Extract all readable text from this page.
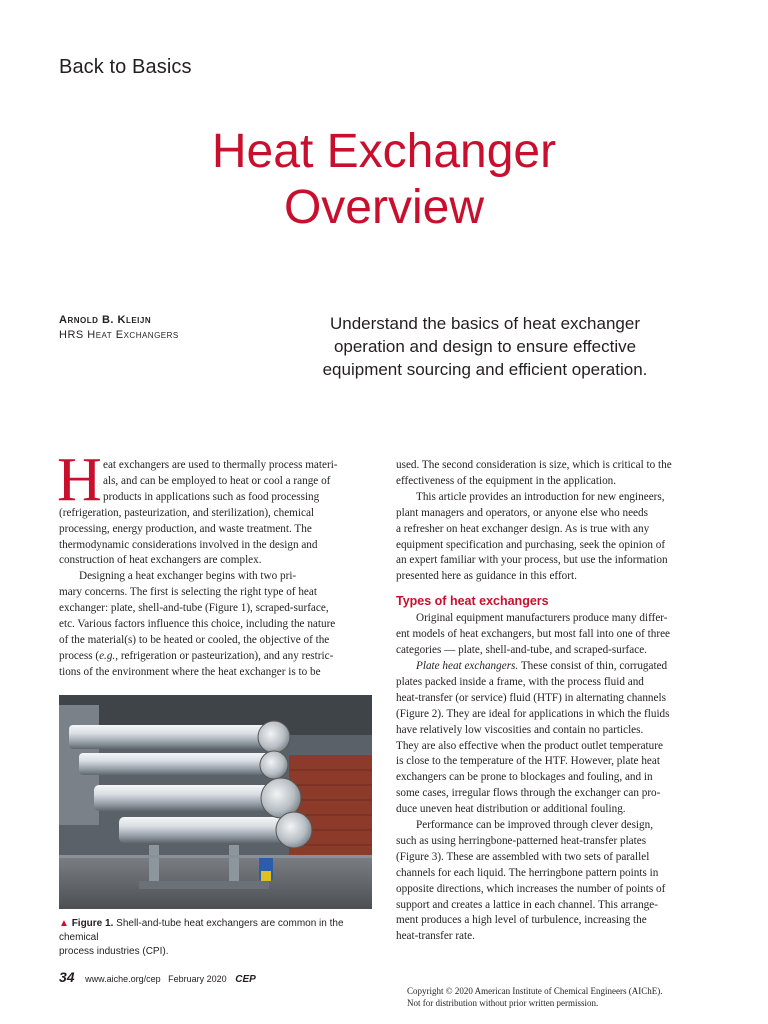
Back to Basics
Heat Exchanger
Overview
Arnold B. Kleijn
HRS Heat Exchangers
Understand the basics of heat exchanger
operation and design to ensure effective
equipment sourcing and efficient operation.
H eat exchangers are used to thermally process materi-
als, and can be employed to heat or cool a range of
products in applications such as food processing
(refrigeration, pasteurization, and sterilization), chemical
processing, energy production, and waste treatment. The
thermodynamic considerations involved in the design and
construction of heat exchangers are complex.
Designing a heat exchanger begins with two pri-
mary concerns. The first is selecting the right type of heat
exchanger: plate, shell-and-tube (Figure 1), scraped-surface,
etc. Various factors influence this choice, including the nature
of the material(s) to be heated or cooled, the objective of the
process (e.g., refrigeration or pasteurization), and any restric-
tions of the environment where the heat exchanger is to be
▲ Figure 1. Shell-and-tube heat exchangers are common in the chemical
process industries (CPI).
used. The second consideration is size, which is critical to the
effectiveness of the equipment in the application.
This article provides an introduction for new engineers,
plant managers and operators, or anyone else who needs
a refresher on heat exchanger design. As is true with any
equipment specification and purchasing, seek the opinion of
an expert familiar with your process, but use the information
presented here as guidance in this effort.
Types of heat exchangers
Original equipment manufacturers produce many differ-
ent models of heat exchangers, but most fall into one of three
categories — plate, shell-and-tube, and scraped-surface.
Plate heat exchangers. These consist of thin, corrugated
plates packed inside a frame, with the process fluid and
heat-transfer (or service) fluid (HTF) in alternating channels
(Figure 2). They are ideal for applications in which the fluids
have relatively low viscosities and contain no particles.
They are also effective when the product outlet temperature
is close to the temperature of the HTF. However, plate heat
exchangers can be prone to blockages and fouling, and in
some cases, irregular flows through the exchanger can pro-
duce uneven heat distribution or additional fouling.
Performance can be improved through clever design,
such as using herringbone-patterned heat-transfer plates
(Figure 3). These are assembled with two sets of parallel
channels for each liquid. The herringbone pattern points in
opposite directions, which increases the number of points of
support and creates a lattice in each channel. This arrange-
ment produces a high level of turbulence, increasing the
heat-transfer rate.
34 www.aiche.org/cep February 2020 CEP
Copyright © 2020 American Institute of Chemical Engineers (AIChE).
Not for distribution without prior written permission.
